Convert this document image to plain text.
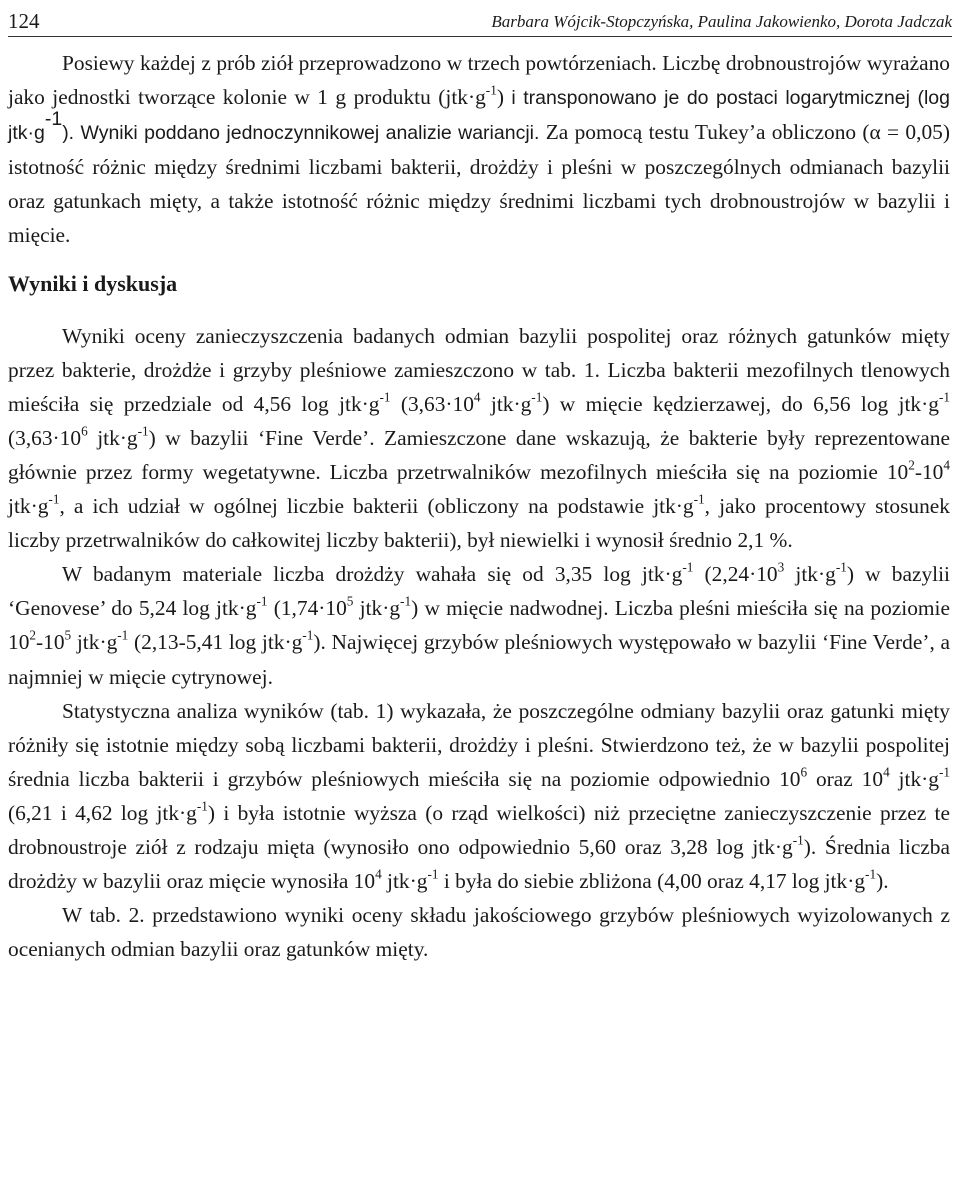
124	Barbara Wójcik-Stopczyńska, Paulina Jakowienko, Dorota Jadczak

Posiewy każdej z prób ziół przeprowadzono w trzech powtórzeniach. Liczbę drobnoustrojów wyrażano jako jednostki tworzące kolonie w 1 g produktu $(jtk\cdot g^{-1})$ i transponowano je do postaci logarytmicznej (log $jtk\cdot g^{-1}$). Wyniki poddano jednoczynnikowej analizie wariancji. Za pomocą testu Tukey’a obliczono (α = 0,05) istotność różnic między średnimi liczbami bakterii, drożdży i pleśni w poszczególnych odmianach bazylii oraz gatunkach mięty, a także istotność różnic między średnimi liczbami tych drobnoustrojów w bazylii i mięcie.

Wyniki i dyskusja

Wyniki oceny zanieczyszczenia badanych odmian bazylii pospolitej oraz różnych gatunków mięty przez bakterie, drożdże i grzyby pleśniowe zamieszczono w tab. 1. Liczba bakterii mezofilnych tlenowych mieściła się przedziale od 4,56 $\log jtk\cdot g^{-1}$ ($3,63\cdot 10^4$ $jtk\cdot g^{-1}$) w mięcie kędzierzawej, do 6,56 $\log jtk\cdot g^{-1}$ ($3,63\cdot 10^6$ $jtk\cdot g^{-1}$) w bazylii ‘Fine Verde’. Zamieszczone dane wskazują, że bakterie były reprezentowane głównie przez formy wegetatywne. Liczba przetrwalników mezofilnych mieściła się na poziomie $10^2-10^4$ $jtk\cdot g^{-1}$, a ich udział w ogólnej liczbie bakterii (obliczony na podstawie $jtk\cdot g^{-1}$, jako procentowy stosunek liczby przetrwalników do całkowitej liczby bakterii), był niewielki i wynosił średnio 2,1 %.

W badanym materiale liczba drożdży wahała się od 3,35 $\log jtk\cdot g^{-1}$ ($2,24\cdot 10^3$ $jtk\cdot g^{-1}$) w bazylii ‘Genovese’ do 5,24 $\log jtk\cdot g^{-1}$ ($1,74\cdot 10^5$ $jtk\cdot g^{-1}$) w mięcie nadwodnej. Liczba pleśni mieściła się na poziomie $10^2-10^5$ $jtk\cdot g^{-1}$ (2,13-5,41 $\log jtk\cdot g^{-1}$). Najwięcej grzybów pleśniowych występowało w bazylii ‘Fine Verde’, a najmniej w mięcie cytrynowej.

Statystyczna analiza wyników (tab. 1) wykazała, że poszczególne odmiany bazylii oraz gatunki mięty różniły się istotnie między sobą liczbami bakterii, drożdży i pleśni. Stwierdzono też, że w bazylii pospolitej średnia liczba bakterii i grzybów pleśniowych mieściła się na poziomie odpowiednio $10^6$ oraz $10^4$ $jtk\cdot g^{-1}$ (6,21 i 4,62 $\log jtk\cdot g^{-1}$) i była istotnie wyższa (o rząd wielkości) niż przeciętne zanieczyszczenie przez te drobnoustroje ziół z rodzaju mięta (wynosiło ono odpowiednio 5,60 oraz 3,28 $\log jtk\cdot g^{-1}$). Średnia liczba drożdży w bazylii oraz mięcie wynosiła $10^4$ $jtk\cdot g^{-1}$ i była do siebie zbliżona (4,00 oraz 4,17 $\log jtk\cdot g^{-1}$).

W tab. 2. przedstawiono wyniki oceny składu jakościowego grzybów pleśniowych wyizolowanych z ocenianych odmian bazylii oraz gatunków mięty.
